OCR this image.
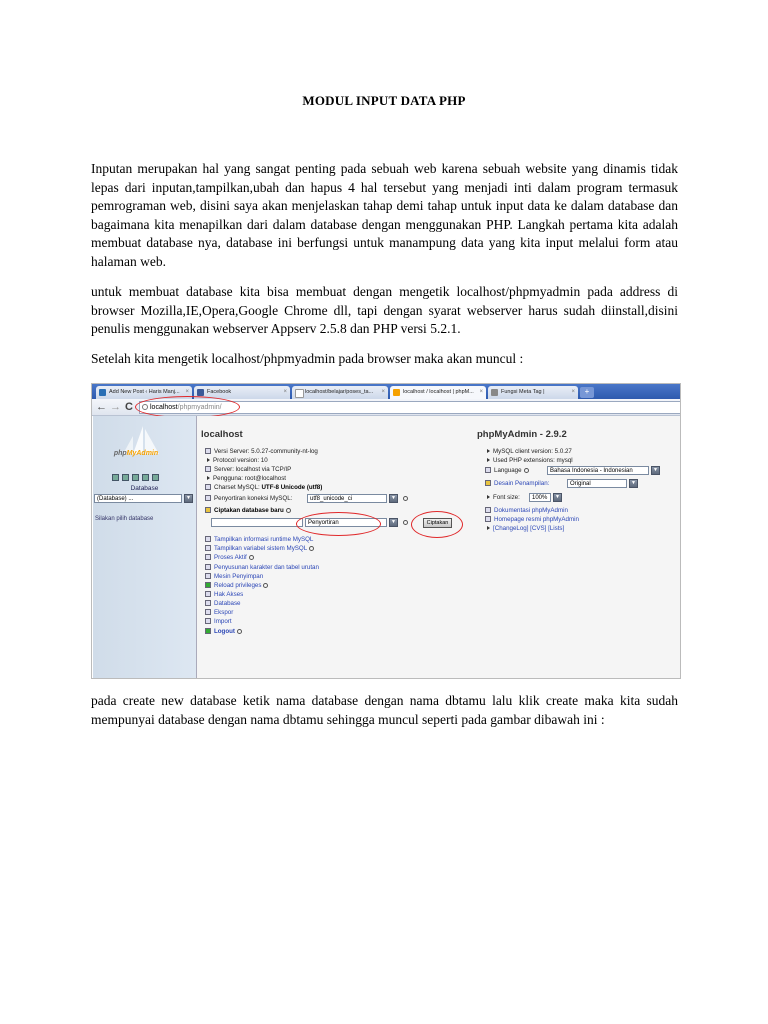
MODUL INPUT DATA PHP
Inputan merupakan hal yang sangat penting pada sebuah web karena sebuah website yang dinamis tidak lepas dari inputan,tampilkan,ubah dan hapus 4 hal tersebut yang menjadi inti dalam program termasuk pemrograman web, disini saya akan menjelaskan tahap demi tahap untuk input data ke dalam database dan bagaimana kita menapilkan dari dalam database dengan menggunakan PHP. Langkah pertama kita adalah membuat database nya, database ini berfungsi untuk manampung data yang kita input melalui form atau halaman web.
untuk membuat database kita bisa membuat dengan mengetik localhost/phpmyadmin pada address di browser Mozilla,IE,Opera,Google Chrome dll, tapi dengan syarat webserver harus sudah diinstall,disini penulis menggunakan webserver Appserv 2.5.8 dan PHP versi 5.2.1.
Setelah kita mengetik localhost/phpmyadmin pada browser maka akan muncul :
Add New Post ‹ Haris Manj... ×	Facebook	×	localhost/belajar/poses_ta... ×	localhost / localhost | phpM... ×	Fungsi Meta Tag |	×	+
← → C	localhost/phpmyadmin/
phpMyAdmin
Database
(Database) ...	▼
Silakan pilih database
localhost	phpMyAdmin - 2.9.2
Versi Server: 5.0.27-community-nt-log
Protocol version: 10
Server: localhost via TCP/IP
Pengguna: root@localhost
Charset MySQL: UTF-8 Unicode (utf8)
Penyortiran koneksi MySQL:	utf8_unicode_ci	▼
Ciptakan database baru
Penyortiran	▼	Ciptakan
Tampilkan informasi runtime MySQL
Tampilkan variabel sistem MySQL
Proses Aktif
Penyusunan karakter dan tabel urutan
Mesin Penyimpan
Reload privileges
Hak Akses
Database
Ekspor
Import
Logout
MySQL client version: 5.0.27
Used PHP extensions: mysql
Language	Bahasa Indonesia - Indonesian	▼
Desain Penampilan:	Original	▼
Font size:	100%	▼
Dokumentasi phpMyAdmin
Homepage resmi phpMyAdmin
[ChangeLog] [CVS] [Lists]
pada create new database ketik nama database dengan nama dbtamu lalu klik create maka kita sudah mempunyai database dengan nama dbtamu sehingga muncul seperti pada gambar dibawah ini :
